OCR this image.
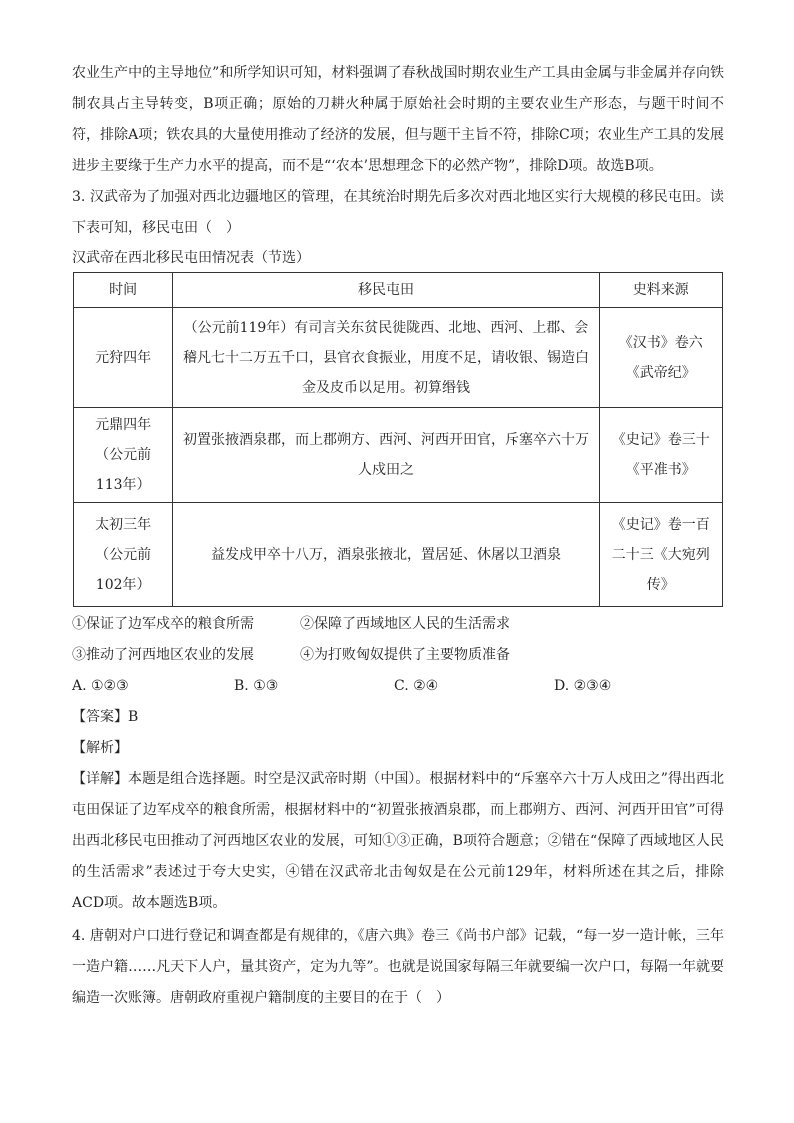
农业生产中的主导地位”和所学知识可知，材料强调了春秋战国时期农业生产工具由金属与非金属并存向铁制农具占主导转变，B项正确；原始的刀耕火种属于原始社会时期的主要农业生产形态，与题干时间不符，排除A项；铁农具的大量使用推动了经济的发展，但与题干主旨不符，排除C项；农业生产工具的发展进步主要缘于生产力水平的提高，而不是“‘农本’思想理念下的必然产物”，排除D项。故选B项。

3. 汉武帝为了加强对西北边疆地区的管理，在其统治时期先后多次对西北地区实行大规模的移民屯田。读下表可知，移民屯田（　）

汉武帝在西北移民屯田情况表（节选）

时间	移民屯田	史料来源
元狩四年	（公元前119年）有司言关东贫民徙陇西、北地、西河、上郡、会稽凡七十二万五千口，县官衣食振业，用度不足，请收银、锡造白金及皮币以足用。初算缗钱	《汉书》卷六《武帝纪》
元鼎四年（公元前113年）	初置张掖酒泉郡，而上郡朔方、西河、河西开田官，斥塞卒六十万人戍田之	《史记》卷三十《平准书》
太初三年（公元前102年）	益发戍甲卒十八万，酒泉张掖北，置居延、休屠以卫酒泉	《史记》卷一百二十三《大宛列传》
①保证了边军戍卒的粮食所需	②保障了西域地区人民的生活需求
③推动了河西地区农业的发展	④为打败匈奴提供了主要物质准备
A. ①②③	B. ①③	C. ②④	D. ②③④

【答案】B

【解析】

【详解】本题是组合选择题。时空是汉武帝时期（中国）。根据材料中的“斥塞卒六十万人戍田之”得出西北屯田保证了边军戍卒的粮食所需，根据材料中的“初置张掖酒泉郡，而上郡朔方、西河、河西开田官”可得出西北移民屯田推动了河西地区农业的发展，可知①③正确，B项符合题意；②错在“保障了西域地区人民的生活需求”表述过于夸大史实，④错在汉武帝北击匈奴是在公元前129年，材料所述在其之后，排除ACD项。故本题选B项。

4. 唐朝对户口进行登记和调查都是有规律的，《唐六典》卷三《尚书户部》记载，“每一岁一造计帐，三年一造户籍……凡天下人户，量其资产，定为九等”。也就是说国家每隔三年就要编一次户口，每隔一年就要编造一次账簿。唐朝政府重视户籍制度的主要目的在于（　）
